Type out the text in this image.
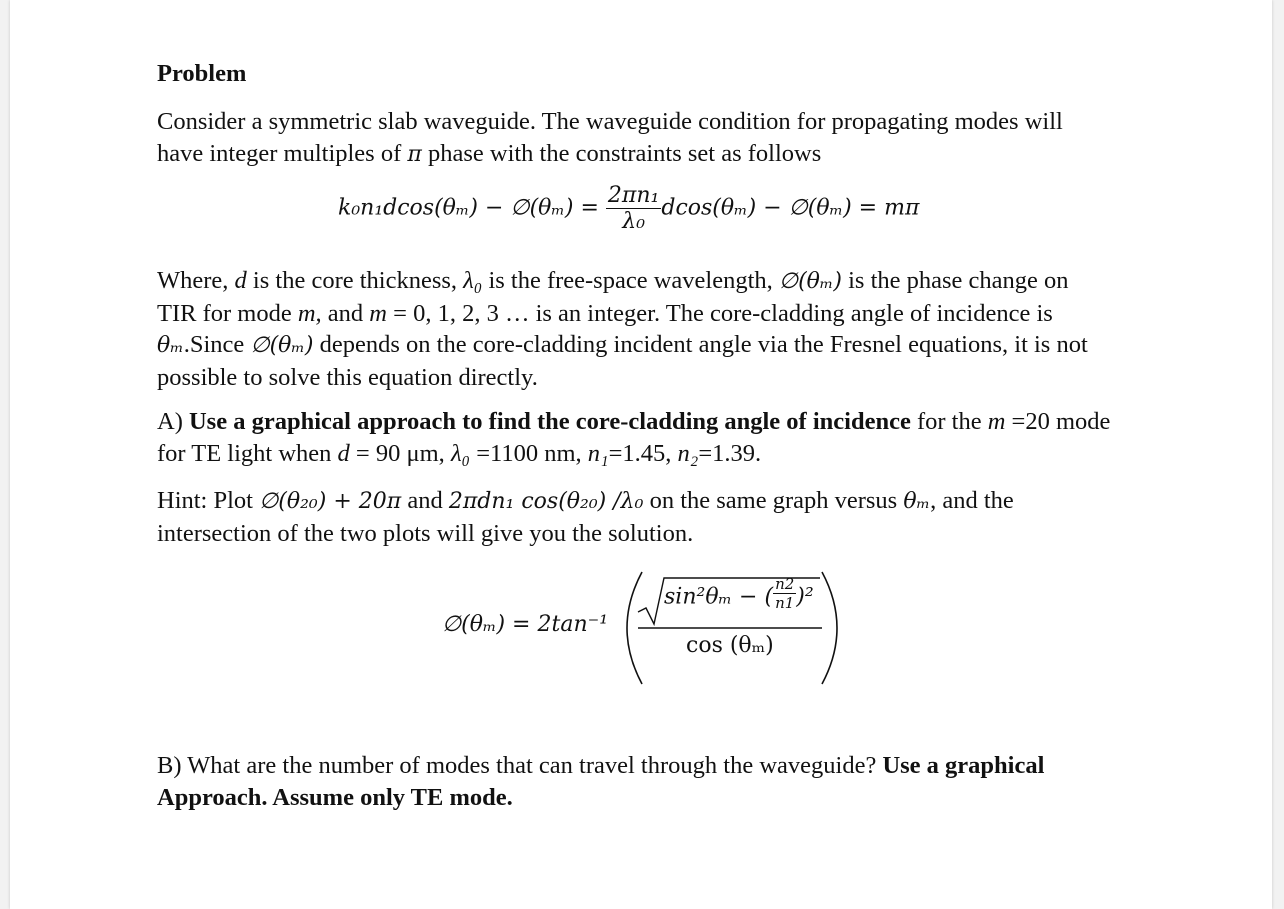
Problem
Consider a symmetric slab waveguide. The waveguide condition for propagating modes will
have integer multiples of π phase with the constraints set as follows
k₀n₁dcos(θₘ) − ∅(θₘ) = $\frac{\text{2πn₁}}{\text{λ₀}} dcos(\theta_m)$ − ∅(θₘ) = mπ
Where, d is the core thickness, λ₀ is the free-space wavelength, ∅(θₘ) is the phase change on
TIR for mode m, and m = 0, 1, 2, 3 … is an integer. The core-cladding angle of incidence is
θₘ.Since ∅(θₘ) depends on the core-cladding incident angle via the Fresnel equations, it is not
possible to solve this equation directly.
A) Use a graphical approach to find the core-cladding angle of incidence for the m =20 mode
for TE light when d = 90 μm, λ₀ =1100 nm, n₁=1.45, n₂=1.39.
Hint: Plot ∅(θ₂₀) + 20π and 2πdn₁ cos(θ₂₀) /λ₀ on the same graph versus θₘ, and the
intersection of the two plots will give you the solution.
∅(θₘ) = 2tan⁻¹
sin²θₘ − ( $\frac{n2}{n1} )^2$
cos (θₘ)
B) What are the number of modes that can travel through the waveguide? Use a graphical
Approach. Assume only TE mode.
